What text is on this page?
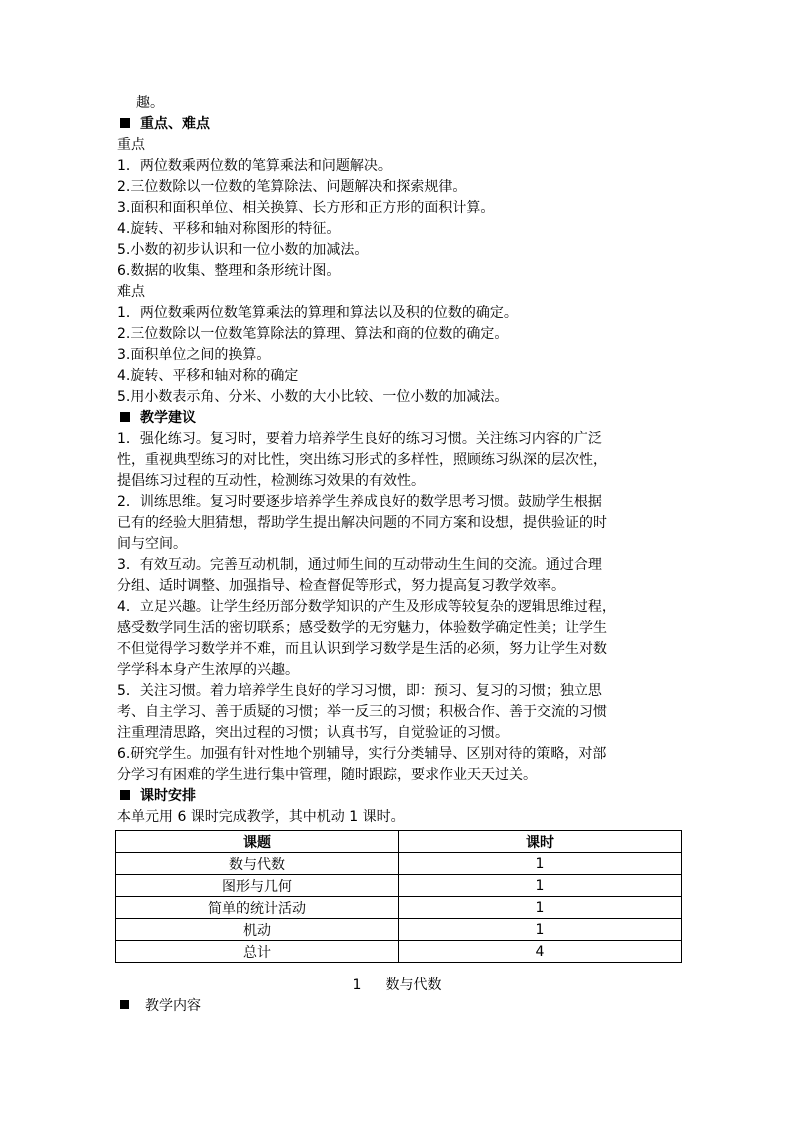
趣。
重点、难点
重点
1．两位数乘两位数的笔算乘法和问题解决。
2.三位数除以一位数的笔算除法、问题解决和探索规律。
3.面积和面积单位、相关换算、长方形和正方形的面积计算。
4.旋转、平移和轴对称图形的特征。
5.小数的初步认识和一位小数的加减法。
6.数据的收集、整理和条形统计图。
难点
1．两位数乘两位数笔算乘法的算理和算法以及积的位数的确定。
2.三位数除以一位数笔算除法的算理、算法和商的位数的确定。
3.面积单位之间的换算。
4.旋转、平移和轴对称的确定
5.用小数表示角、分米、小数的大小比较、一位小数的加减法。
教学建议
1．强化练习。复习时，要着力培养学生良好的练习习惯。关注练习内容的广泛
性，重视典型练习的对比性，突出练习形式的多样性，照顾练习纵深的层次性，
提倡练习过程的互动性，检测练习效果的有效性。
2．训练思维。复习时要逐步培养学生养成良好的数学思考习惯。鼓励学生根据
已有的经验大胆猜想，帮助学生提出解决问题的不同方案和设想，提供验证的时
间与空间。
3．有效互动。完善互动机制，通过师生间的互动带动生生间的交流。通过合理
分组、适时调整、加强指导、检查督促等形式，努力提高复习教学效率。
4．立足兴趣。让学生经历部分数学知识的产生及形成等较复杂的逻辑思维过程，
感受数学同生活的密切联系；感受数学的无穷魅力，体验数学确定性美；让学生
不但觉得学习数学并不难，而且认识到学习数学是生活的必须，努力让学生对数
学学科本身产生浓厚的兴趣。
5．关注习惯。着力培养学生良好的学习习惯，即：预习、复习的习惯；独立思
考、自主学习、善于质疑的习惯；举一反三的习惯；积极合作、善于交流的习惯
注重理清思路，突出过程的习惯；认真书写，自觉验证的习惯。
6.研究学生。加强有针对性地个别辅导，实行分类辅导、区别对待的策略，对部
分学习有困难的学生进行集中管理，随时跟踪，要求作业天天过关。
课时安排
本单元用 6 课时完成教学，其中机动 1 课时。
课题	课时
数与代数	1
图形与几何	1
简单的统计活动	1
机动	1
总计	4
1 数与代数
教学内容
